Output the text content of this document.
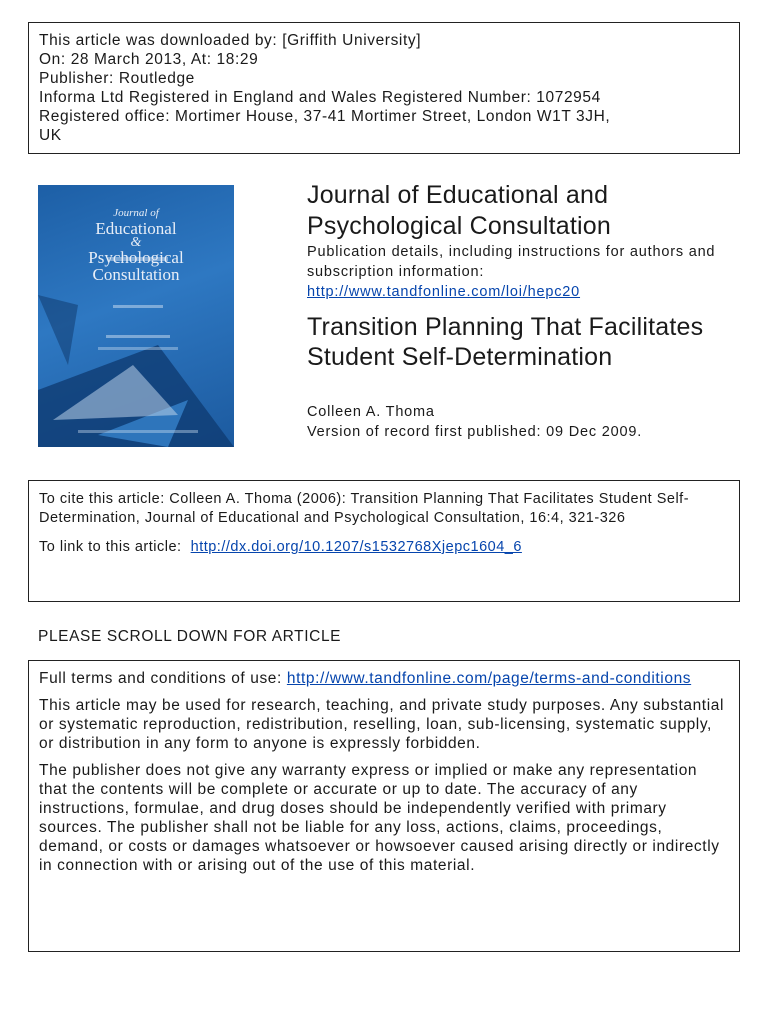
This article was downloaded by: [Griffith University]
On: 28 March 2013, At: 18:29
Publisher: Routledge
Informa Ltd Registered in England and Wales Registered Number: 1072954
Registered office: Mortimer House, 37-41 Mortimer Street, London W1T 3JH,
UK
Journal of
Educational
&
Psychological
Consultation
Journal of Educational and Psychological Consultation
Publication details, including instructions for authors and subscription information:
http://www.tandfonline.com/loi/hepc20
Transition Planning That Facilitates Student Self-Determination
Colleen A. Thoma
Version of record first published: 09 Dec 2009.

To cite this article: Colleen A. Thoma (2006): Transition Planning That Facilitates Student Self-Determination, Journal of Educational and Psychological Consultation, 16:4, 321-326

To link to this article: http://dx.doi.org/10.1207/s1532768Xjepc1604_6

PLEASE SCROLL DOWN FOR ARTICLE

Full terms and conditions of use: http://www.tandfonline.com/page/terms-and-conditions

This article may be used for research, teaching, and private study purposes. Any substantial or systematic reproduction, redistribution, reselling, loan, sub-licensing, systematic supply, or distribution in any form to anyone is expressly forbidden.

The publisher does not give any warranty express or implied or make any representation that the contents will be complete or accurate or up to date. The accuracy of any instructions, formulae, and drug doses should be independently verified with primary sources. The publisher shall not be liable for any loss, actions, claims, proceedings, demand, or costs or damages whatsoever or howsoever caused arising directly or indirectly in connection with or arising out of the use of this material.
